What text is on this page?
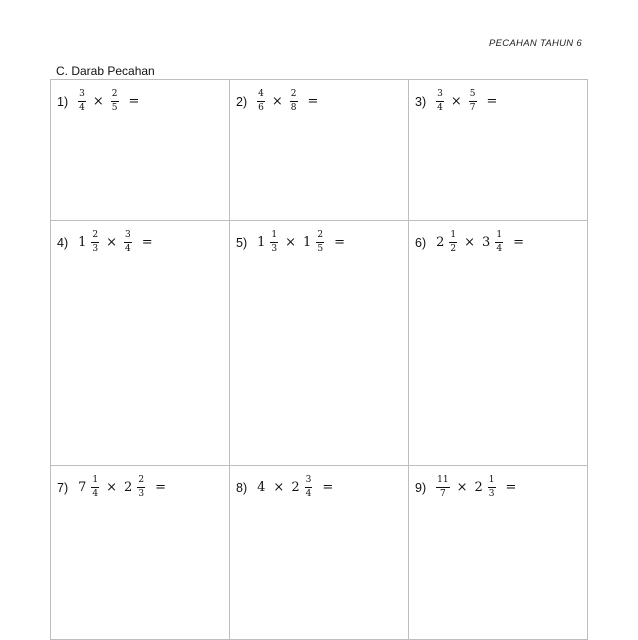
PECAHAN TAHUN 6
C. Darab Pecahan
$1) \frac{3}{4} \times \frac{2}{5}$ =	$2) \frac{4}{6} \times \frac{2}{8}$ =	$3) \frac{3}{4} \times \frac{5}{7}$ =
4) $1 \frac{2}{3} \times \frac{3}{4}$ =	5) $1 \frac{1}{3} \times 1 \frac{2}{5}$ =	6) $2 \frac{1}{2} \times 3 \frac{1}{4}$ =
7) $7 \frac{1}{4} \times 2 \frac{2}{3}$ =	8) $4 \times 2 \frac{3}{4}$ =	$9) \frac{11}{7} \times 2 \frac{1}{3}$ =
